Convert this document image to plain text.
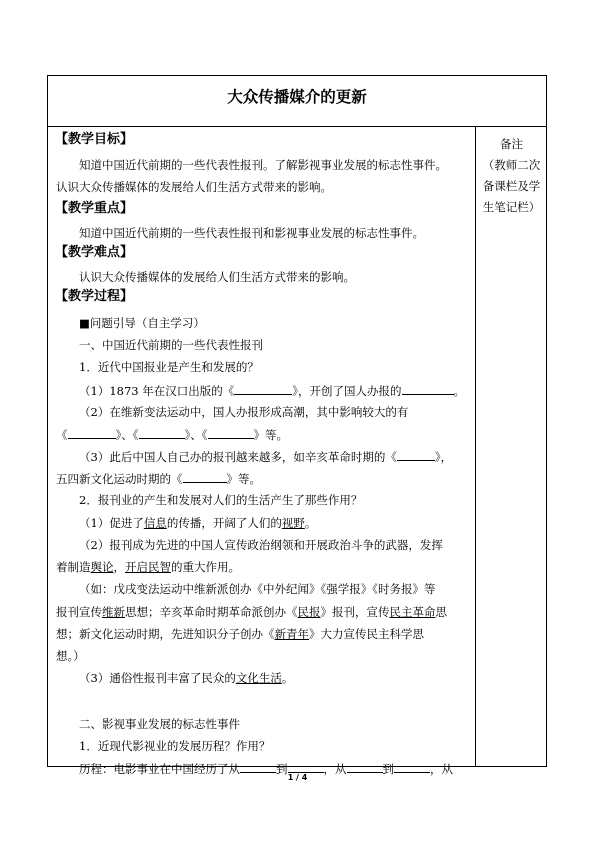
大众传播媒介的更新
备注
（教师二次
备课栏及学
生笔记栏）
【教学目标】
知道中国近代前期的一些代表性报刊。了解影视事业发展的标志性事件。
认识大众传播媒体的发展给人们生活方式带来的影响。
【教学重点】
知道中国近代前期的一些代表性报刊和影视事业发展的标志性事件。
【教学难点】
认识大众传播媒体的发展给人们生活方式带来的影响。
【教学过程】
■问题引导（自主学习）
一、中国近代前期的一些代表性报刊
1．近代中国报业是产生和发展的？
（1）1873 年在汉口出版的《	》，开创了国人办报的	。
（2）在维新变法运动中，国人办报形成高潮，其中影响较大的有
《	》、《	》、《	》等。
（3）此后中国人自己办的报刊越来越多，如辛亥革命时期的《	》，
五四新文化运动时期的《	》等。
2．报刊业的产生和发展对人们的生活产生了那些作用？
（1）促进了信息的传播，开阔了人们的视野。
（2）报刊成为先进的中国人宣传政治纲领和开展政治斗争的武器，发挥
着制造舆论，开启民智的重大作用。
（如：戊戌变法运动中维新派创办《中外纪闻》《强学报》《时务报》等
报刊宣传维新思想；辛亥革命时期革命派创办《民报》报刊，宣传民主革命思
想；新文化运动时期，先进知识分子创办《新青年》大力宣传民主科学思
想。）
（3）通俗性报刊丰富了民众的文化生活。
二、影视事业发展的标志性事件
1．近现代影视业的发展历程？作用？
历程：电影事业在中国经历了从	到	，从	到	，从
1 / 4
